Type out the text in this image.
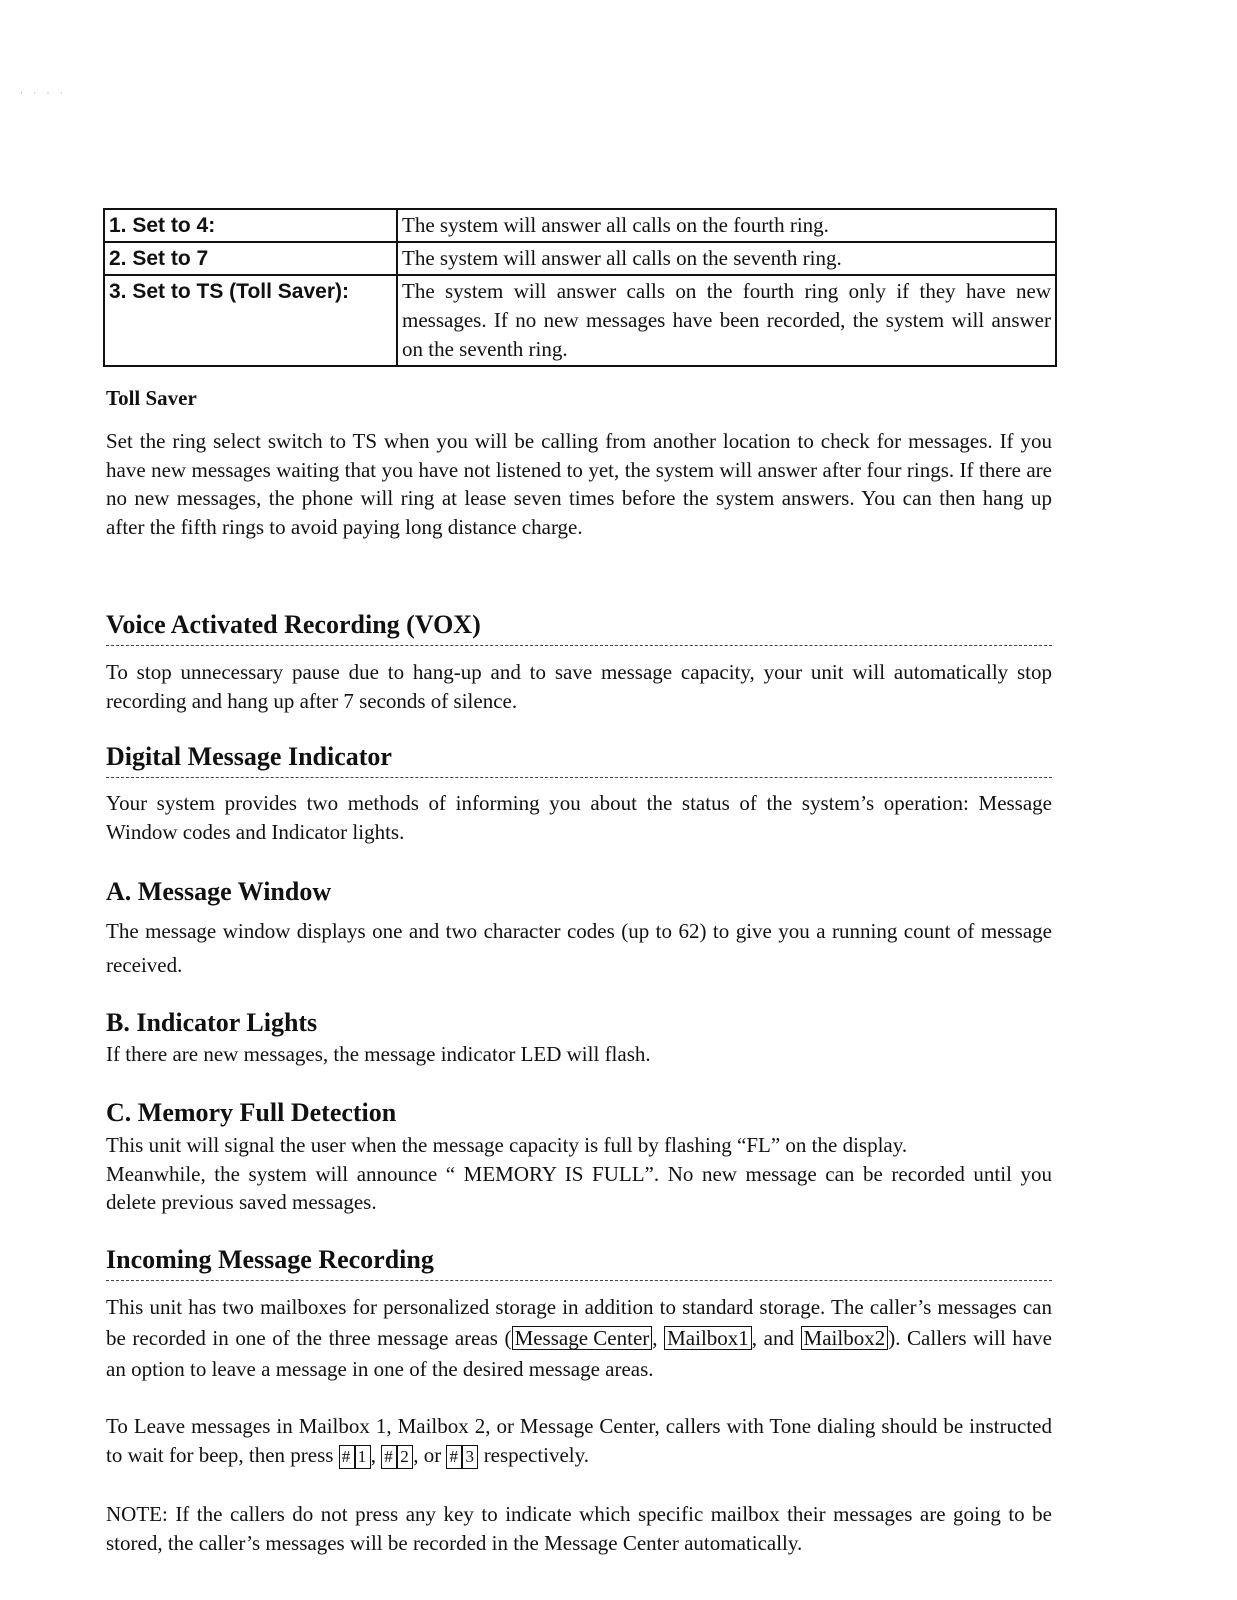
· · · ·
1. Set to 4:	The system will answer all calls on the fourth ring.
2. Set to 7	The system will answer all calls on the seventh ring.
3. Set to TS (Toll Saver):	The system will answer calls on the fourth ring only if they have new messages. If no new messages have been recorded, the system will answer on the seventh ring.
Toll Saver
Set the ring select switch to TS when you will be calling from another location to check for messages. If you have new messages waiting that you have not listened to yet, the system will answer after four rings. If there are no new messages, the phone will ring at lease seven times before the system answers. You can then hang up after the fifth rings to avoid paying long distance charge.
Voice Activated Recording (VOX)
To stop unnecessary pause due to hang-up and to save message capacity, your unit will automatically stop recording and hang up after 7 seconds of silence.
Digital Message Indicator
Your system provides two methods of informing you about the status of the system’s operation: Message Window codes and Indicator lights.
A. Message Window
The message window displays one and two character codes (up to 62) to give you a running count of message received.
B. Indicator Lights
If there are new messages, the message indicator LED will flash.
C. Memory Full Detection
This unit will signal the user when the message capacity is full by flashing “FL” on the display.
Meanwhile, the system will announce “ MEMORY IS FULL”. No new message can be recorded until you delete previous saved messages.
Incoming Message Recording
This unit has two mailboxes for personalized storage in addition to standard storage. The caller’s messages can be recorded in one of the three message areas ( Message Center , Mailbox1 , and Mailbox2 ). Callers will have an option to leave a message in one of the desired message areas.
To Leave messages in Mailbox 1, Mailbox 2, or Message Center, callers with Tone dialing should be instructed to wait for beep, then press # 1 , # 2 , or # 3 respectively.
NOTE: If the callers do not press any key to indicate which specific mailbox their messages are going to be stored, the caller’s messages will be recorded in the Message Center automatically.
